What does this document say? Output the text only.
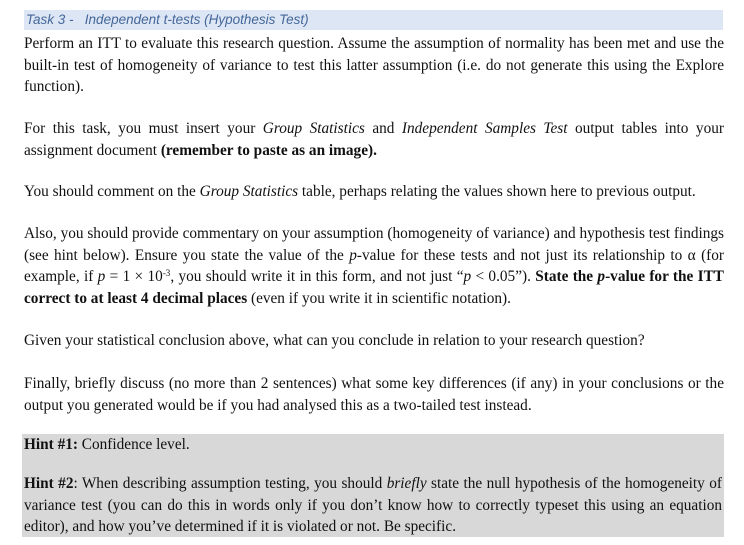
Task 3 - Independent t-tests (Hypothesis Test)
Perform an ITT to evaluate this research question. Assume the assumption of normality has been met and use the built-in test of homogeneity of variance to test this latter assumption (i.e. do not generate this using the Explore function).
For this task, you must insert your Group Statistics and Independent Samples Test output tables into your assignment document (remember to paste as an image).
You should comment on the Group Statistics table, perhaps relating the values shown here to previous output.
Also, you should provide commentary on your assumption (homogeneity of variance) and hypothesis test findings (see hint below). Ensure you state the value of the p-value for these tests and not just its relationship to α (for example, if $p = 1 \times 10^{-3}$, you should write it in this form, and not just “p < 0.05”). State the p-value for the ITT correct to at least 4 decimal places (even if you write it in scientific notation).
Given your statistical conclusion above, what can you conclude in relation to your research question?
Finally, briefly discuss (no more than 2 sentences) what some key differences (if any) in your conclusions or the output you generated would be if you had analysed this as a two-tailed test instead.
Hint #1: Confidence level.
Hint #2: When describing assumption testing, you should briefly state the null hypothesis of the homogeneity of variance test (you can do this in words only if you don’t know how to correctly typeset this using an equation editor), and how you’ve determined if it is violated or not. Be specific.
